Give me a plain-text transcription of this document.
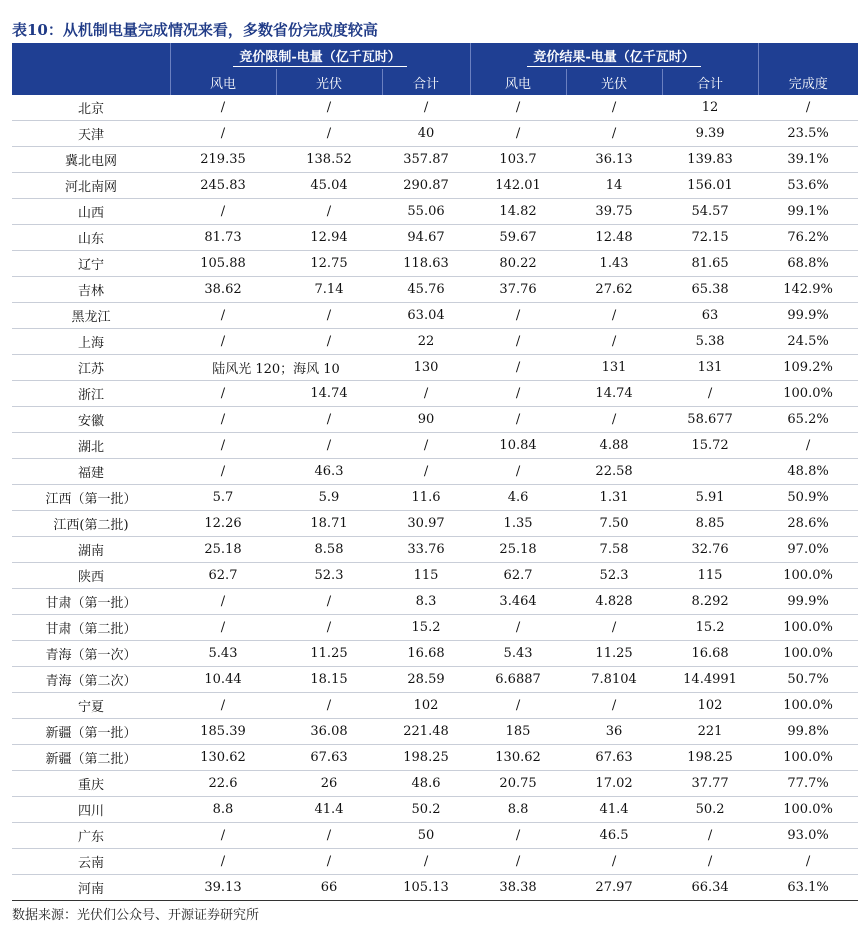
表10：从机制电量完成情况来看，多数省份完成度较高
	竞价限制-电量（亿千瓦时）			竞价结果-电量（亿千瓦时）			
	风电	光伏	合计	风电	光伏	合计	完成度
北京	/	/	/	/	/	12	/
天津	/	/	40	/	/	9.39	23.5%
冀北电网	219.35	138.52	357.87	103.7	36.13	139.83	39.1%
河北南网	245.83	45.04	290.87	142.01	14	156.01	53.6%
山西	/	/	55.06	14.82	39.75	54.57	99.1%
山东	81.73	12.94	94.67	59.67	12.48	72.15	76.2%
辽宁	105.88	12.75	118.63	80.22	1.43	81.65	68.8%
吉林	38.62	7.14	45.76	37.76	27.62	65.38	142.9%
黑龙江	/	/	63.04	/	/	63	99.9%
上海	/	/	22	/	/	5.38	24.5%
江苏	陆风光 120；海风 10		130	/	131	131	109.2%
浙江	/	14.74	/	/	14.74	/	100.0%
安徽	/	/	90	/	/	58.677	65.2%
湖北	/	/	/	10.84	4.88	15.72	/
福建	/	46.3	/	/	22.58		48.8%
江西（第一批）	5.7	5.9	11.6	4.6	1.31	5.91	50.9%
江西(第二批)	12.26	18.71	30.97	1.35	7.50	8.85	28.6%
湖南	25.18	8.58	33.76	25.18	7.58	32.76	97.0%
陕西	62.7	52.3	115	62.7	52.3	115	100.0%
甘肃（第一批）	/	/	8.3	3.464	4.828	8.292	99.9%
甘肃（第二批）	/	/	15.2	/	/	15.2	100.0%
青海（第一次）	5.43	11.25	16.68	5.43	11.25	16.68	100.0%
青海（第二次）	10.44	18.15	28.59	6.6887	7.8104	14.4991	50.7%
宁夏	/	/	102	/	/	102	100.0%
新疆（第一批）	185.39	36.08	221.48	185	36	221	99.8%
新疆（第二批）	130.62	67.63	198.25	130.62	67.63	198.25	100.0%
重庆	22.6	26	48.6	20.75	17.02	37.77	77.7%
四川	8.8	41.4	50.2	8.8	41.4	50.2	100.0%
广东	/	/	50	/	46.5	/	93.0%
云南	/	/	/	/	/	/	/
河南	39.13	66	105.13	38.38	27.97	66.34	63.1%
数据来源：光伏们公众号、开源证券研究所
